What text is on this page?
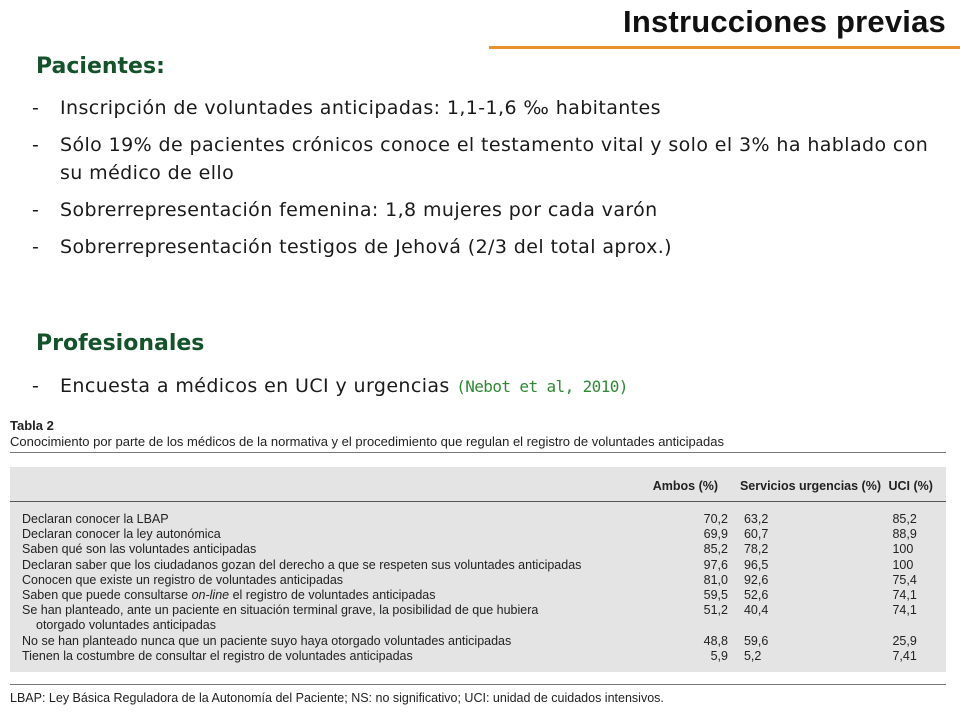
Instrucciones previas
Pacientes:
- Inscripción de voluntades anticipadas: 1,1-1,6 ‰ habitantes
- Sólo 19% de pacientes crónicos conoce el testamento vital y solo el 3% ha hablado con su médico de ello
- Sobrerrepresentación femenina: 1,8 mujeres por cada varón
- Sobrerrepresentación testigos de Jehová (2/3 del total aprox.)
Profesionales
- Encuesta a médicos en UCI y urgencias (Nebot et al, 2010)
Tabla 2
Conocimiento por parte de los médicos de la normativa y el procedimiento que regulan el registro de voluntades anticipadas
	Ambos (%)	Servicios urgencias (%)	UCI (%)
Declaran conocer la LBAP	70,2	63,2	85,2
Declaran conocer la ley autonómica	69,9	60,7	88,9
Saben qué son las voluntades anticipadas	85,2	78,2	100
Declaran saber que los ciudadanos gozan del derecho a que se respeten sus voluntades anticipadas	97,6	96,5	100
Conocen que existe un registro de voluntades anticipadas	81,0	92,6	75,4
Saben que puede consultarse on-line el registro de voluntades anticipadas	59,5	52,6	74,1

Se han planteado, ante un paciente en situación terminal grave, la posibilidad de que hubiera
otorgado voluntades anticipadas	51,2	40,4	74,1
No se han planteado nunca que un paciente suyo haya otorgado voluntades anticipadas	48,8	59,6	25,9
Tienen la costumbre de consultar el registro de voluntades anticipadas	5,9	5,2	7,41
LBAP: Ley Básica Reguladora de la Autonomía del Paciente; NS: no significativo; UCI: unidad de cuidados intensivos.
